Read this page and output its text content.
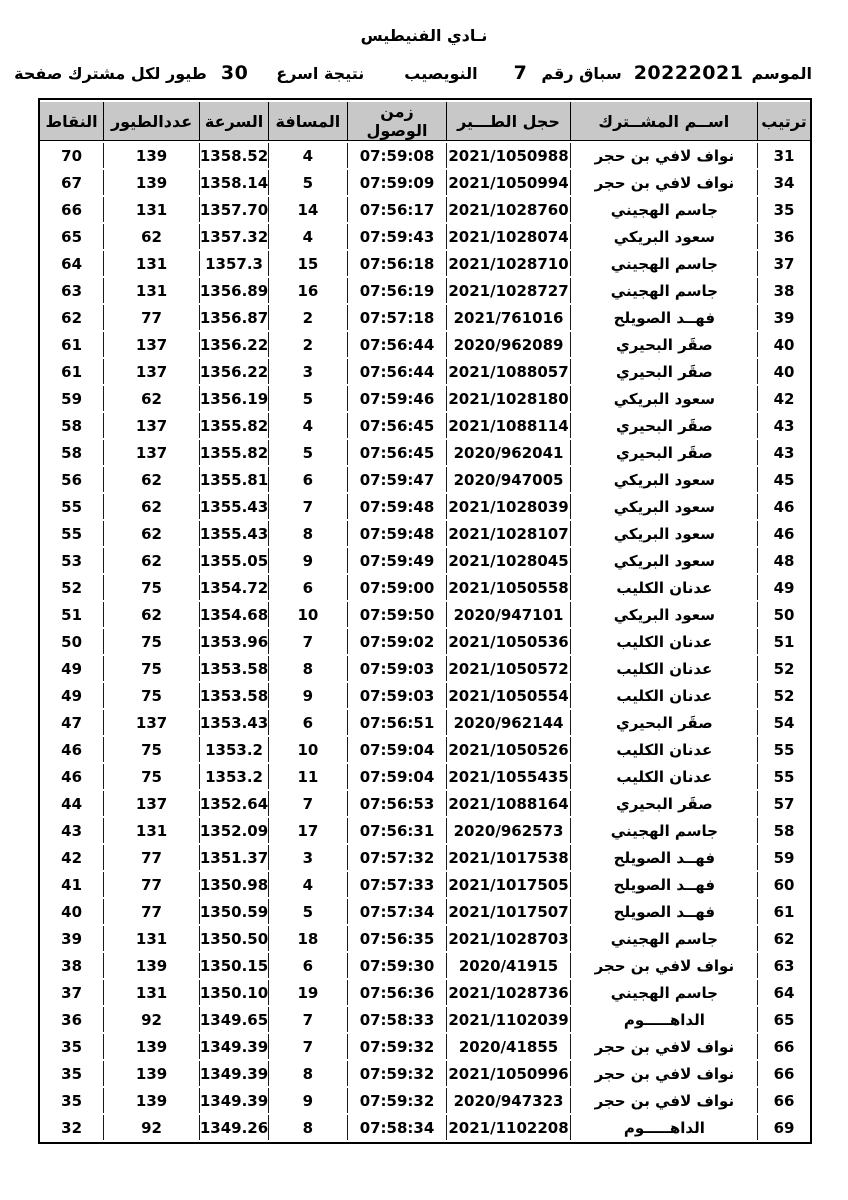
نـادي الفنيطيس
الموسم
20222021
سباق رقم
7
النويصيب
نتيجة اسرع
30
طيور لكل مشترك صفحة
ترتيب	اســم المشــترك	حجل الطـــير	زمن الوصول	المسافة	السرعة	عددالطيور	النقاط
31	نواف لافي بن حجر	2021/1050988	07:59:08	4	1358.52	139	70
34	نواف لافي بن حجر	2021/1050994	07:59:09	5	1358.14	139	67
35	جاسم الهجيني	2021/1028760	07:56:17	14	1357.70	131	66
36	سعود البريكي	2021/1028074	07:59:43	4	1357.32	62	65
37	جاسم الهجيني	2021/1028710	07:56:18	15	1357.3	131	64
38	جاسم الهجيني	2021/1028727	07:56:19	16	1356.89	131	63
39	فهــد الصويلح	2021/761016	07:57:18	2	1356.87	77	62
40	صقَر البحيري	2020/962089	07:56:44	2	1356.22	137	61
40	صقَر البحيري	2021/1088057	07:56:44	3	1356.22	137	61
42	سعود البريكي	2021/1028180	07:59:46	5	1356.19	62	59
43	صقَر البحيري	2021/1088114	07:56:45	4	1355.82	137	58
43	صقَر البحيري	2020/962041	07:56:45	5	1355.82	137	58
45	سعود البريكي	2020/947005	07:59:47	6	1355.81	62	56
46	سعود البريكي	2021/1028039	07:59:48	7	1355.43	62	55
46	سعود البريكي	2021/1028107	07:59:48	8	1355.43	62	55
48	سعود البريكي	2021/1028045	07:59:49	9	1355.05	62	53
49	عدنان الكليب	2021/1050558	07:59:00	6	1354.72	75	52
50	سعود البريكي	2020/947101	07:59:50	10	1354.68	62	51
51	عدنان الكليب	2021/1050536	07:59:02	7	1353.96	75	50
52	عدنان الكليب	2021/1050572	07:59:03	8	1353.58	75	49
52	عدنان الكليب	2021/1050554	07:59:03	9	1353.58	75	49
54	صقَر البحيري	2020/962144	07:56:51	6	1353.43	137	47
55	عدنان الكليب	2021/1050526	07:59:04	10	1353.2	75	46
55	عدنان الكليب	2021/1055435	07:59:04	11	1353.2	75	46
57	صقَر البحيري	2021/1088164	07:56:53	7	1352.64	137	44
58	جاسم الهجيني	2020/962573	07:56:31	17	1352.09	131	43
59	فهــد الصويلح	2021/1017538	07:57:32	3	1351.37	77	42
60	فهــد الصويلح	2021/1017505	07:57:33	4	1350.98	77	41
61	فهــد الصويلح	2021/1017507	07:57:34	5	1350.59	77	40
62	جاسم الهجيني	2021/1028703	07:56:35	18	1350.50	131	39
63	نواف لافي بن حجر	2020/41915	07:59:30	6	1350.15	139	38
64	جاسم الهجيني	2021/1028736	07:56:36	19	1350.10	131	37
65	الداهـــــوم	2021/1102039	07:58:33	7	1349.65	92	36
66	نواف لافي بن حجر	2020/41855	07:59:32	7	1349.39	139	35
66	نواف لافي بن حجر	2021/1050996	07:59:32	8	1349.39	139	35
66	نواف لافي بن حجر	2020/947323	07:59:32	9	1349.39	139	35
69	الداهـــــوم	2021/1102208	07:58:34	8	1349.26	92	32
